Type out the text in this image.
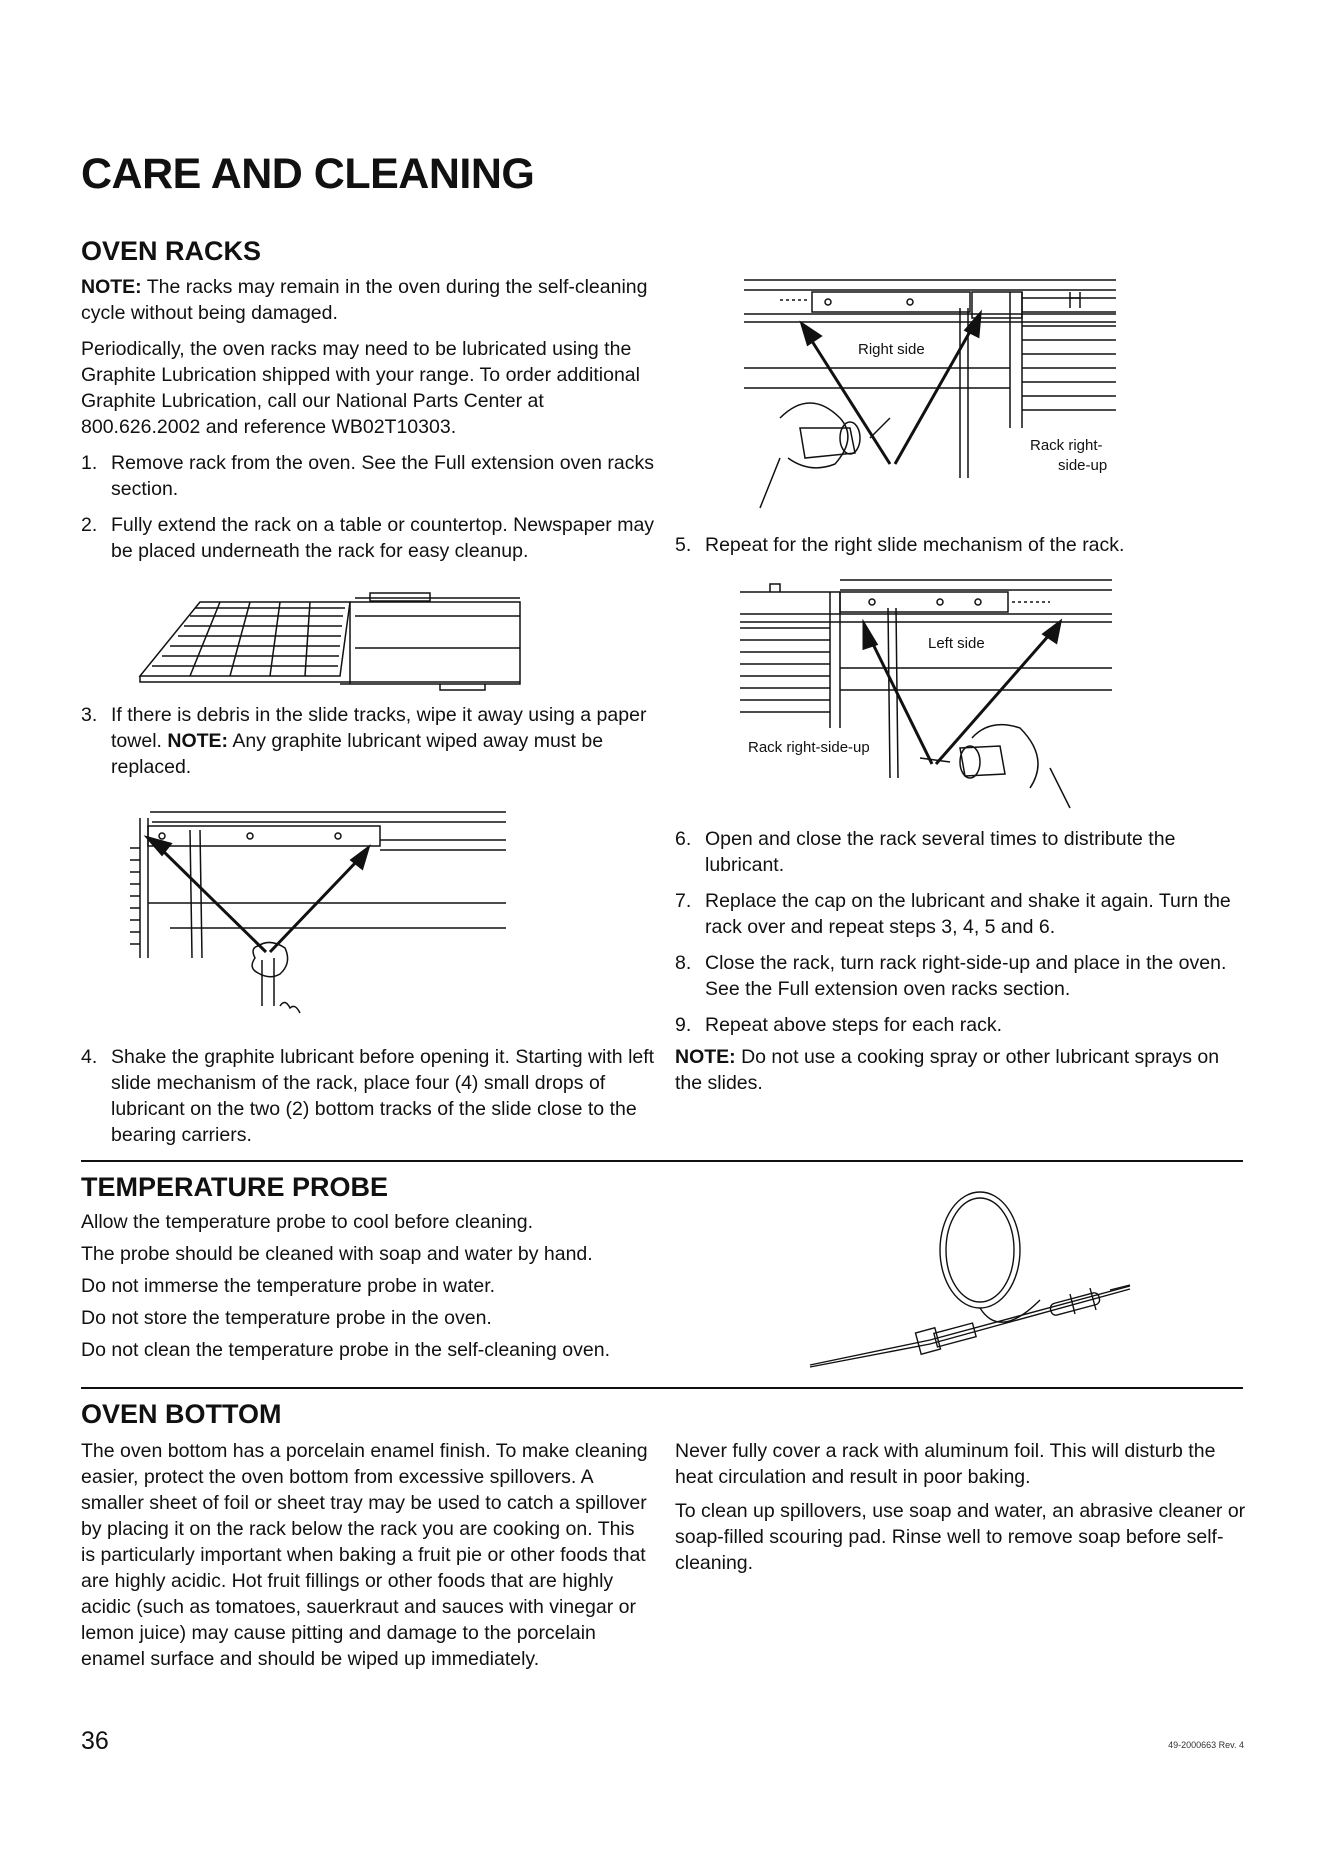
CARE AND CLEANING
OVEN RACKS

NOTE: The racks may remain in the oven during the self-cleaning cycle without being damaged.

Periodically, the oven racks may need to be lubricated using the Graphite Lubrication shipped with your range. To order additional Graphite Lubrication, call our National Parts Center at 800.626.2002 and reference WB02T10303.

1. Remove rack from the oven. See the Full extension oven racks section.
2. Fully extend the rack on a table or countertop. Newspaper may be placed underneath the rack for easy cleanup.
3. If there is debris in the slide tracks, wipe it away using a paper towel. NOTE: Any graphite lubricant wiped away must be replaced.
4. Shake the graphite lubricant before opening it. Starting with left slide mechanism of the rack, place four (4) small drops of lubricant on the two (2) bottom tracks of the slide close to the bearing carriers.
Right side
Rack right-
side-up
5. Repeat for the right slide mechanism of the rack.
Left side
Rack right-side-up
6. Open and close the rack several times to distribute the lubricant.
7. Replace the cap on the lubricant and shake it again. Turn the rack over and repeat steps 3, 4, 5 and 6.
8. Close the rack, turn rack right-side-up and place in the oven. See the Full extension oven racks section.
9. Repeat above steps for each rack.

NOTE: Do not use a cooking spray or other lubricant sprays on the slides.

TEMPERATURE PROBE

Allow the temperature probe to cool before cleaning.

The probe should be cleaned with soap and water by hand.

Do not immerse the temperature probe in water.

Do not store the temperature probe in the oven.

Do not clean the temperature probe in the self-cleaning oven.

OVEN BOTTOM

The oven bottom has a porcelain enamel finish. To make cleaning easier, protect the oven bottom from excessive spillovers. A smaller sheet of foil or sheet tray may be used to catch a spillover by placing it on the rack below the rack you are cooking on. This is particularly important when baking a fruit pie or other foods that are highly acidic. Hot fruit fillings or other foods that are highly acidic (such as tomatoes, sauerkraut and sauces with vinegar or lemon juice) may cause pitting and damage to the porcelain enamel surface and should be wiped up immediately.

Never fully cover a rack with aluminum foil. This will disturb the heat circulation and result in poor baking.

To clean up spillovers, use soap and water, an abrasive cleaner or soap-filled scouring pad. Rinse well to remove soap before self-cleaning.

36	49-2000663 Rev. 4
